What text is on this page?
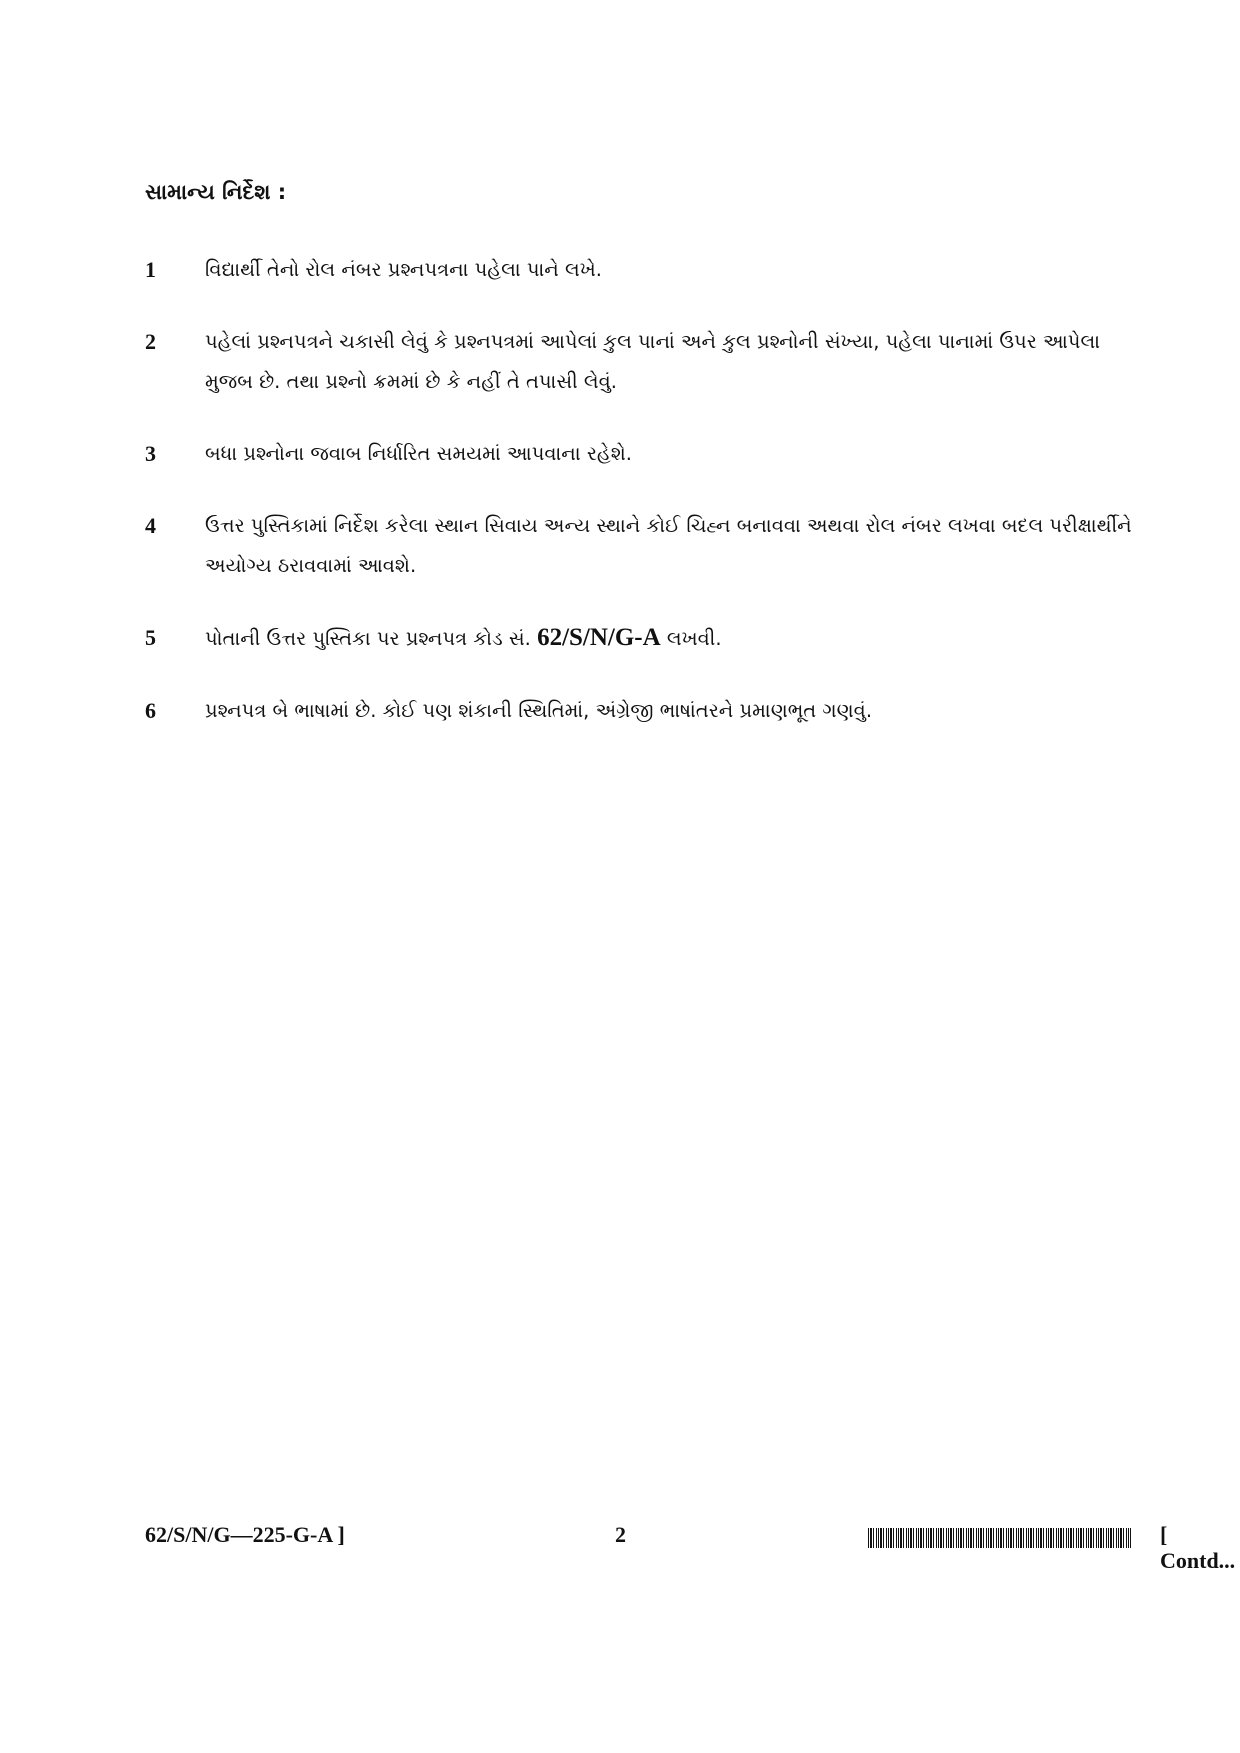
સામાન્ય નિર્દેશ :
1	વિદ્યાર્થી તેનો રોલ નંબર પ્રશ્નપત્રના પહેલા પાને લખે.
2	પહેલાં પ્રશ્નપત્રને ચકાસી લેવું કે પ્રશ્નપત્રમાં આપેલાં કુલ પાનાં અને કુલ પ્રશ્નોની સંખ્યા, પહેલા પાનામાં ઉપર આપેલા મુજબ છે. તથા પ્રશ્નો ક્રમમાં છે કે નહીં તે તપાસી લેવું.
3	બધા પ્રશ્નોના જવાબ નિર્ધારિત સમયમાં આપવાના રહેશે.
4	ઉત્તર પુસ્તિકામાં નિર્દેશ કરેલા સ્થાન સિવાય અન્ય સ્થાને કોઈ ચિહ્ન બનાવવા અથવા રોલ નંબર લખવા બદલ પરીક્ષાર્થીને અયોગ્ય ઠરાવવામાં આવશે.
5	પોતાની ઉત્તર પુસ્તિકા પર પ્રશ્નપત્ર કોડ સં. 62/S/N/G-A લખવી.
6	પ્રશ્નપત્ર બે ભાષામાં છે. કોઈ પણ શંકાની સ્થિતિમાં, અંગ્રેજી ભાષાંતરને પ્રમાણભૂત ગણવું.
62/S/N/G—225-G-A ]	2	[ Contd...
